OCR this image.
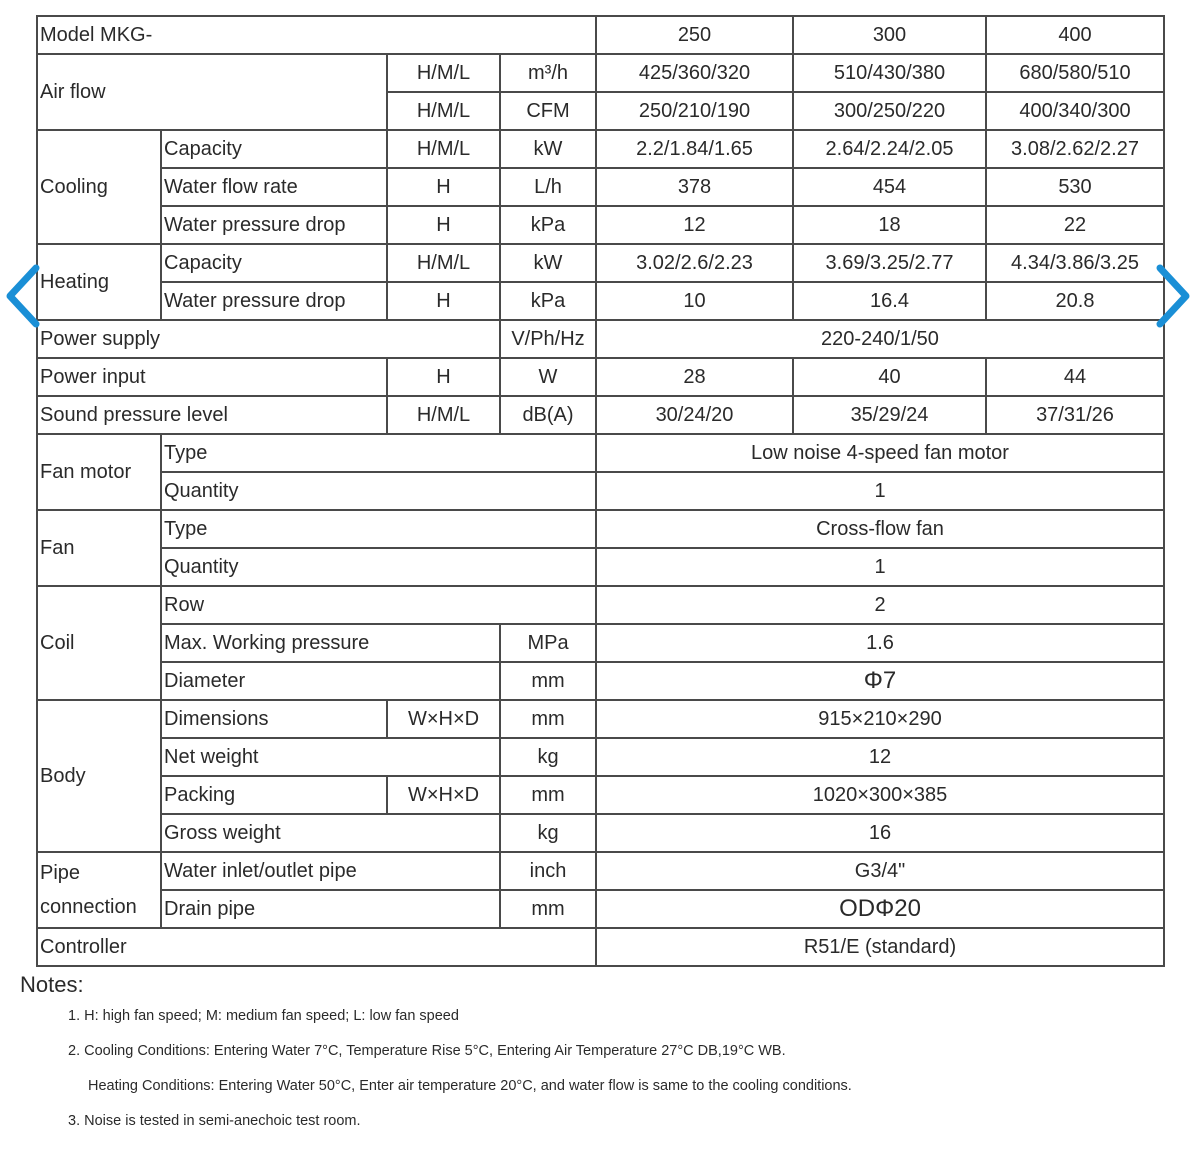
Model MKG-				250	300	400
Air flow		H/M/L	m³/h	425/360/320	510/430/380	680/580/510
		H/M/L	CFM	250/210/190	300/250/220	400/340/300
Cooling	Capacity	H/M/L	kW	2.2/1.84/1.65	2.64/2.24/2.05	3.08/2.62/2.27
	Water flow rate	H	L/h	378	454	530
	Water pressure drop	H	kPa	12	18	22
Heating	Capacity	H/M/L	kW	3.02/2.6/2.23	3.69/3.25/2.77	4.34/3.86/3.25
	Water pressure drop	H	kPa	10	16.4	20.8
Power supply			V/Ph/Hz	220-240/1/50		
Power input		H	W	28	40	44
Sound pressure level		H/M/L	dB(A)	30/24/20	35/29/24	37/31/26
Fan motor	Type			Low noise 4-speed fan motor		
	Quantity			1		
Fan	Type			Cross-flow fan		
	Quantity			1		
Coil	Row			2		
	Max. Working pressure		MPa	1.6		
	Diameter		mm	Φ7		
Body	Dimensions	W×H×D	mm	915×210×290		
	Net weight		kg	12		
	Packing	W×H×D	mm	1020×300×385		
	Gross weight		kg	16		

Pipe
connection	Water inlet/outlet pipe		inch	G3/4"		
	Drain pipe		mm	ODΦ20		
Controller				R51/E (standard)		
Notes:
1. H: high fan speed; M: medium fan speed; L: low fan speed
2. Cooling Conditions: Entering Water 7°C, Temperature Rise 5°C, Entering Air Temperature 27°C DB,19°C WB.
Heating Conditions: Entering Water 50°C, Enter air temperature 20°C, and water flow is same to the cooling conditions.
3. Noise is tested in semi-anechoic test room.
